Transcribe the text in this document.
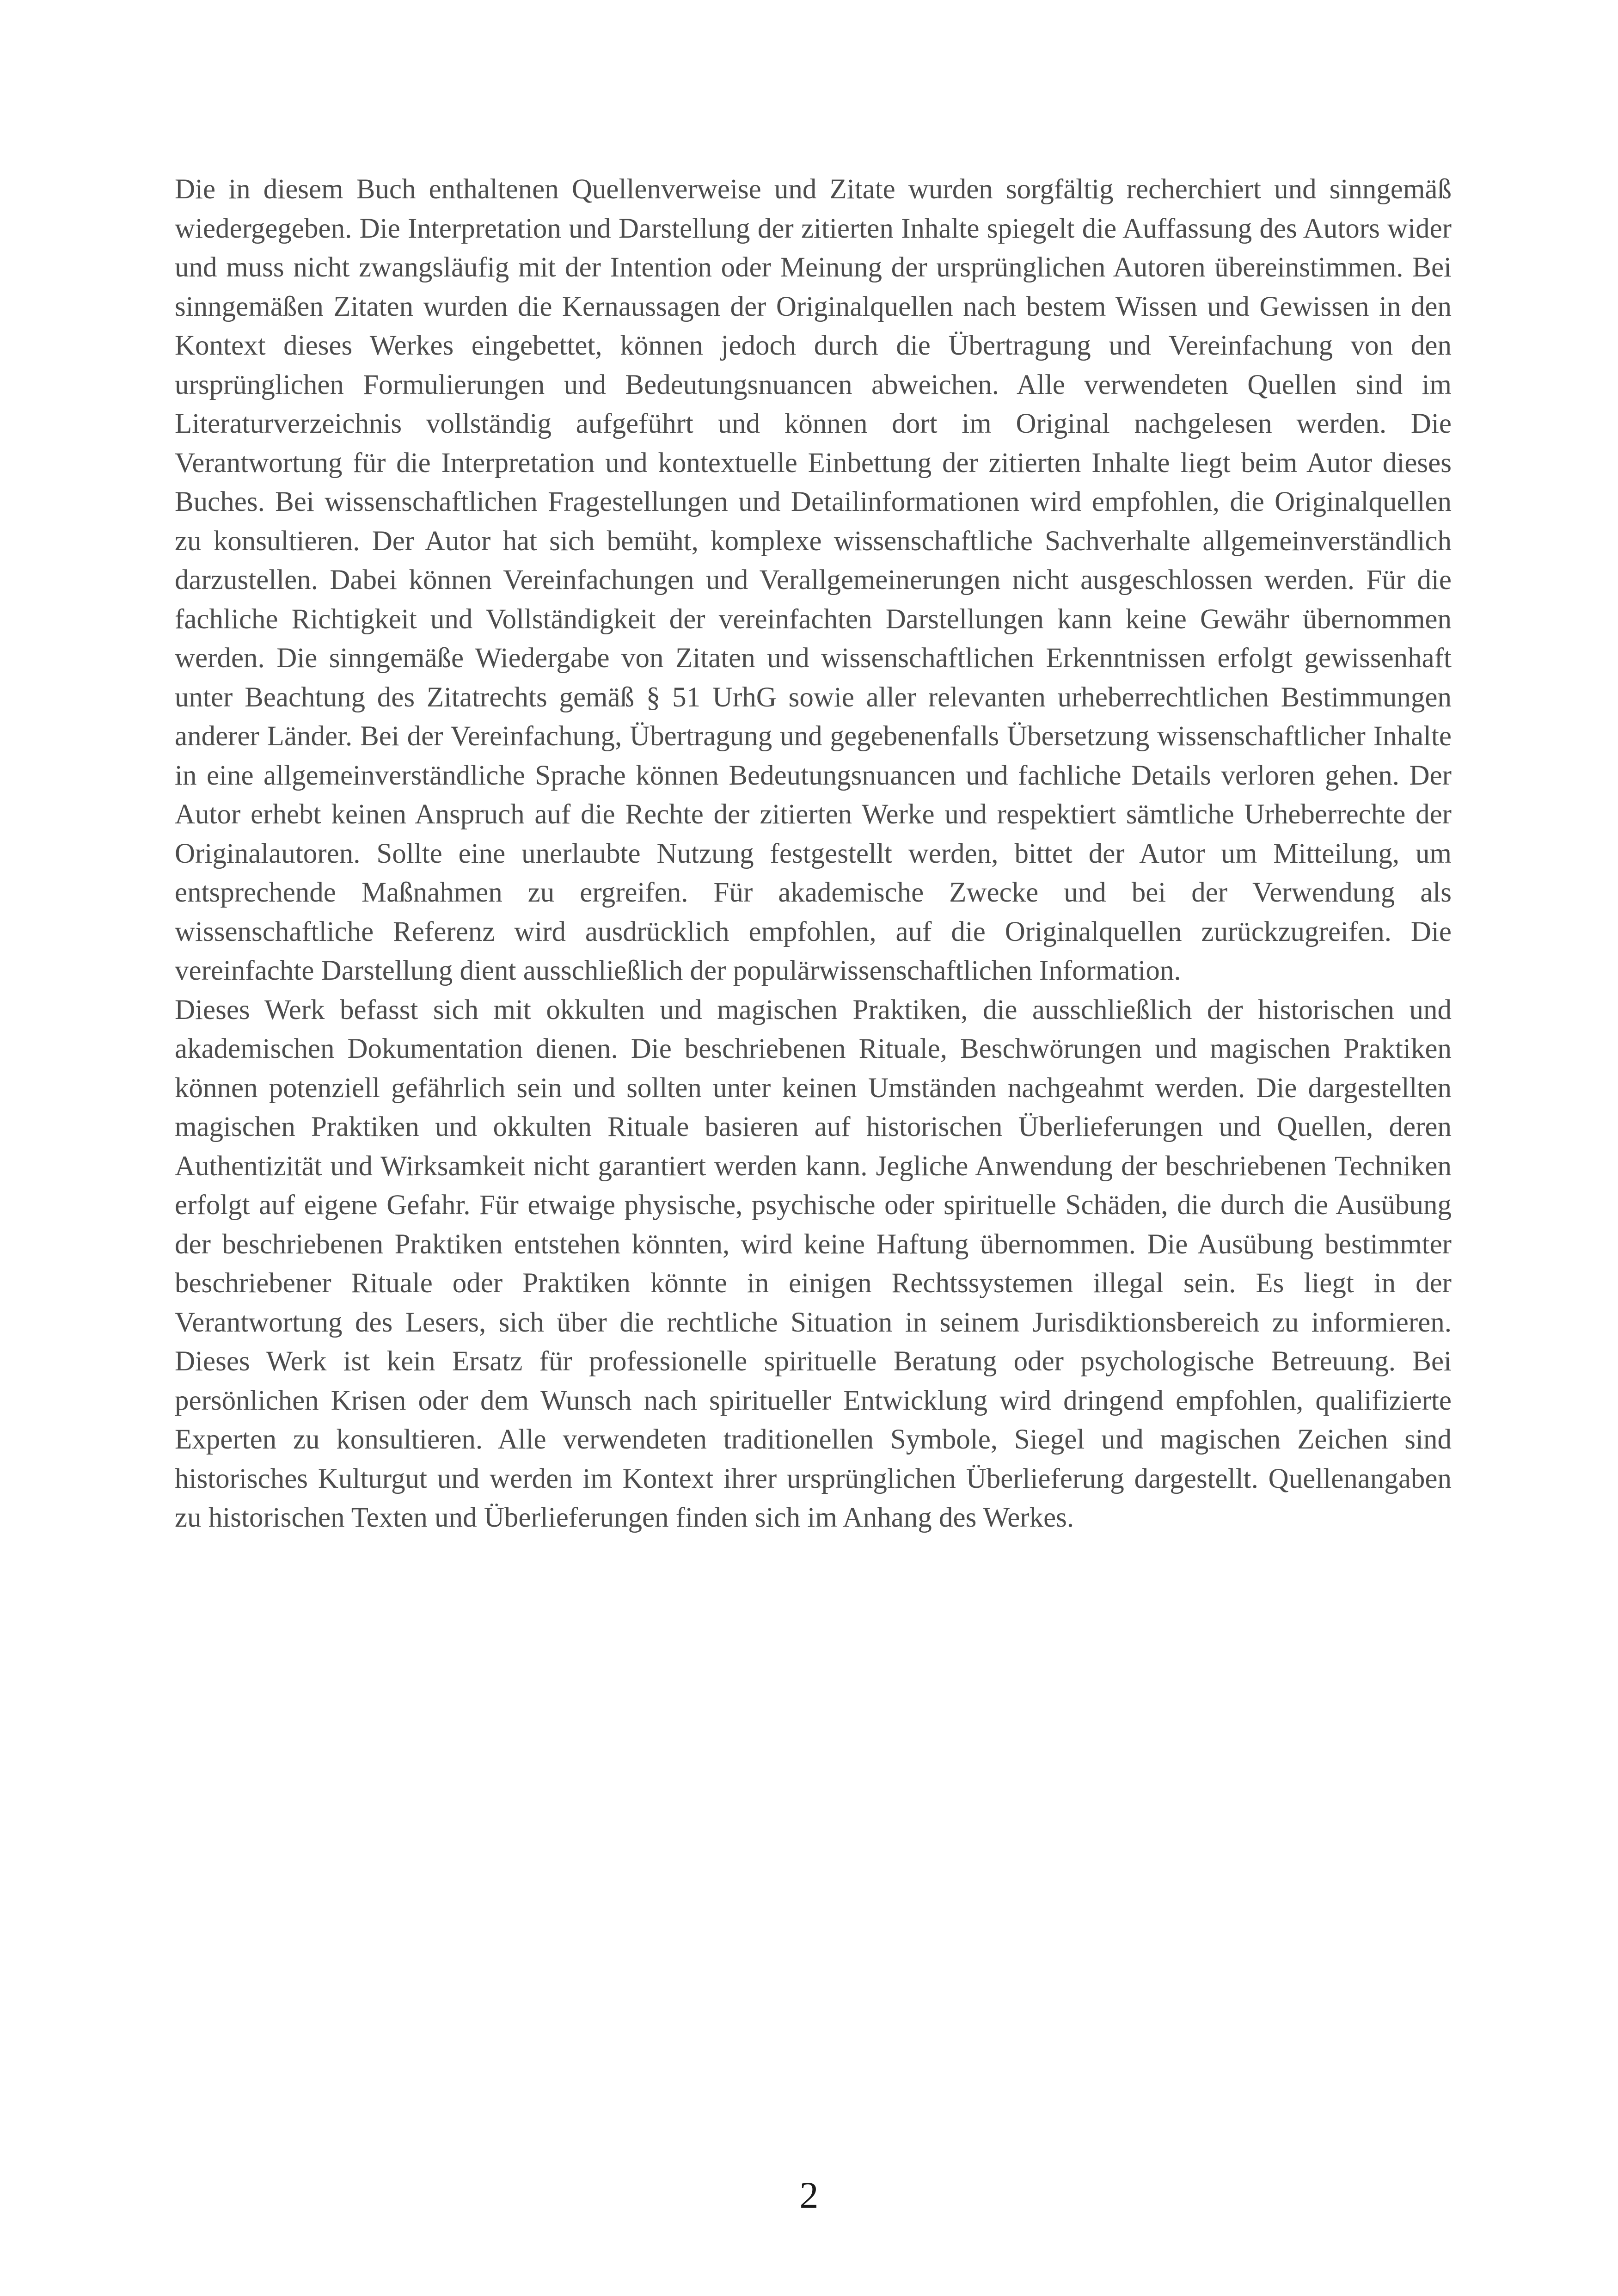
Die in diesem Buch enthaltenen Quellenverweise und Zitate wurden sorgfältig recherchiert und sinngemäß wiedergegeben. Die Interpretation und Darstellung der zitierten Inhalte spiegelt die Auffassung des Autors wider und muss nicht zwangsläufig mit der Intention oder Meinung der ursprünglichen Autoren übereinstimmen. Bei sinngemäßen Zitaten wurden die Kernaussagen der Originalquellen nach bestem Wissen und Gewissen in den Kontext dieses Werkes eingebettet, können jedoch durch die Übertragung und Vereinfachung von den ursprünglichen Formulierungen und Bedeutungsnuancen abweichen. Alle verwendeten Quellen sind im Literaturverzeichnis vollständig aufgeführt und können dort im Original nachgelesen werden. Die Verantwortung für die Interpretation und kontextuelle Einbettung der zitierten Inhalte liegt beim Autor dieses Buches. Bei wissenschaftlichen Fragestellungen und Detailinformationen wird empfohlen, die Originalquellen zu konsultieren. Der Autor hat sich bemüht, komplexe wissenschaftliche Sachverhalte allgemeinverständlich darzustellen. Dabei können Vereinfachungen und Verallgemeinerungen nicht ausgeschlossen werden. Für die fachliche Richtigkeit und Vollständigkeit der vereinfachten Darstellungen kann keine Gewähr übernommen werden. Die sinngemäße Wiedergabe von Zitaten und wissenschaftlichen Erkenntnissen erfolgt gewissenhaft unter Beachtung des Zitatrechts gemäß § 51 UrhG sowie aller relevanten urheberrechtlichen Bestimmungen anderer Länder. Bei der Vereinfachung, Übertragung und gegebenenfalls Übersetzung wissenschaftlicher Inhalte in eine allgemeinverständliche Sprache können Bedeutungsnuancen und fachliche Details verloren gehen. Der Autor erhebt keinen Anspruch auf die Rechte der zitierten Werke und respektiert sämtliche Urheberrechte der Originalautoren. Sollte eine unerlaubte Nutzung festgestellt werden, bittet der Autor um Mitteilung, um entsprechende Maßnahmen zu ergreifen. Für akademische Zwecke und bei der Verwendung als wissenschaftliche Referenz wird ausdrücklich empfohlen, auf die Originalquellen zurückzugreifen. Die vereinfachte Darstellung dient ausschließlich der populärwissenschaftlichen Information.

Dieses Werk befasst sich mit okkulten und magischen Praktiken, die ausschließlich der historischen und akademischen Dokumentation dienen. Die beschriebenen Rituale, Beschwörungen und magischen Praktiken können potenziell gefährlich sein und sollten unter keinen Umständen nachgeahmt werden. Die dargestellten magischen Praktiken und okkulten Rituale basieren auf historischen Überlieferungen und Quellen, deren Authentizität und Wirksamkeit nicht garantiert werden kann. Jegliche Anwendung der beschriebenen Techniken erfolgt auf eigene Gefahr. Für etwaige physische, psychische oder spirituelle Schäden, die durch die Ausübung der beschriebenen Praktiken entstehen könnten, wird keine Haftung übernommen. Die Ausübung bestimmter beschriebener Rituale oder Praktiken könnte in einigen Rechtssystemen illegal sein. Es liegt in der Verantwortung des Lesers, sich über die rechtliche Situation in seinem Jurisdiktionsbereich zu informieren. Dieses Werk ist kein Ersatz für professionelle spirituelle Beratung oder psychologische Betreuung. Bei persönlichen Krisen oder dem Wunsch nach spiritueller Entwicklung wird dringend empfohlen, qualifizierte Experten zu konsultieren. Alle verwendeten traditionellen Symbole, Siegel und magischen Zeichen sind historisches Kulturgut und werden im Kontext ihrer ursprünglichen Überlieferung dargestellt. Quellenangaben zu historischen Texten und Überlieferungen finden sich im Anhang des Werkes.

2
